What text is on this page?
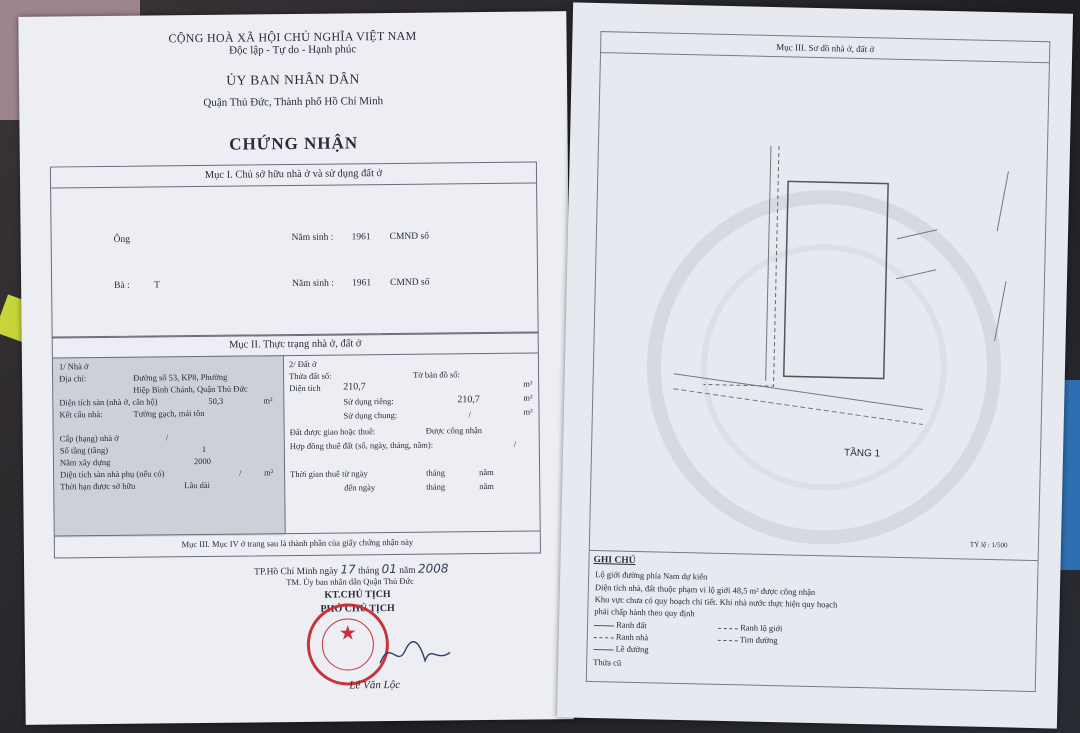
CỘNG HOÀ XÃ HỘI CHỦ NGHĨA VIỆT NAM
Độc lập - Tự do - Hạnh phúc
ỦY BAN NHÂN DÂN
Quận Thủ Đức, Thành phố Hồ Chí Minh
CHỨNG NHẬN
Mục I. Chủ sở hữu nhà ở và sử dụng đất ở
Ông	Năm sinh : 1961 CMND số
Bà :	T	Năm sinh : 1961 CMND số
Mục II. Thực trạng nhà ở, đất ở
1/ Nhà ở
Địa chỉ:	Đường số 53, KP8, Phường
Hiệp Bình Chánh, Quận Thủ Đức
Diện tích sàn (nhà ở, căn hộ)	50,3	m²
Kết cấu nhà:	Tường gạch, mái tôn
Cấp (hạng) nhà ở	/
Số tầng (tầng)	1
Năm xây dựng	2000
Diện tích sàn nhà phụ (nếu có)	/	m²
Thời hạn được sở hữu	Lâu dài
2/ Đất ở
Thửa đất số:	Tờ bản đồ số:
Diện tích 210,7	m²
Sử dụng riêng:	210,7	m²
Sử dụng chung:	/	m²
Đất được giao hoặc thuê:	Được công nhận
Hợp đồng thuê đất (số, ngày, tháng, năm):	/
Thời gian thuê từ ngày	tháng	năm
đến ngày	tháng	năm
Mục III. Mục IV ở trang sau là thành phần của giấy chứng nhận này
TP.Hồ Chí Minh ngày 17 tháng 01 năm 2008
TM. Ủy ban nhân dân Quận Thủ Đức
KT.CHỦ TỊCH
PHÓ CHỦ TỊCH
★
Lê Văn Lộc
Mục III. Sơ đồ nhà ở, đất ở
TẦNG 1
TỶ lệ : 1/500
GHI CHÚ
Lộ giới đường phía Nam dự kiến
Diện tích nhà, đất thuộc phạm vi lộ giới 48,5 m² được công nhận
Khu vực chưa có quy hoạch chi tiết. Khi nhà nước thực hiện quy hoạch
phải chấp hành theo quy định
Ranh đất	Ranh lộ giới
Ranh nhà	Tim đường
Lề đường
Thửa cũ
